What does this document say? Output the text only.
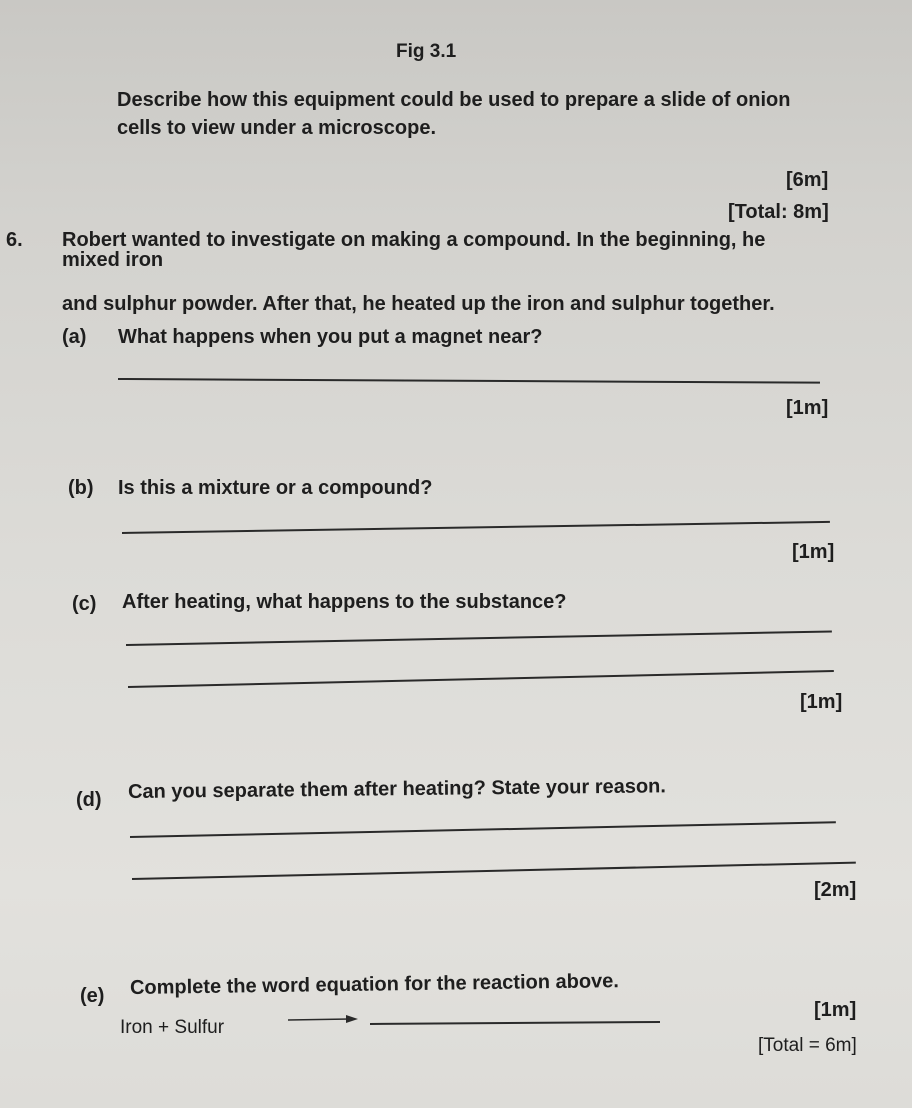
Fig 3.1
Describe how this equipment could be used to prepare a slide of onion
cells to view under a microscope.
[6m]
[Total: 8m]
6. Robert wanted to investigate on making a compound. In the beginning, he
mixed iron
and sulphur powder. After that, he heated up the iron and sulphur together.
(a) What happens when you put a magnet near?
[1m]
(b) Is this a mixture or a compound?
[1m]
(c) After heating, what happens to the substance?
[1m]
(d) Can you separate them after heating? State your reason.
[2m]
(e) Complete the word equation for the reaction above.
[1m]
Iron + Sulfur
[Total = 6m]
